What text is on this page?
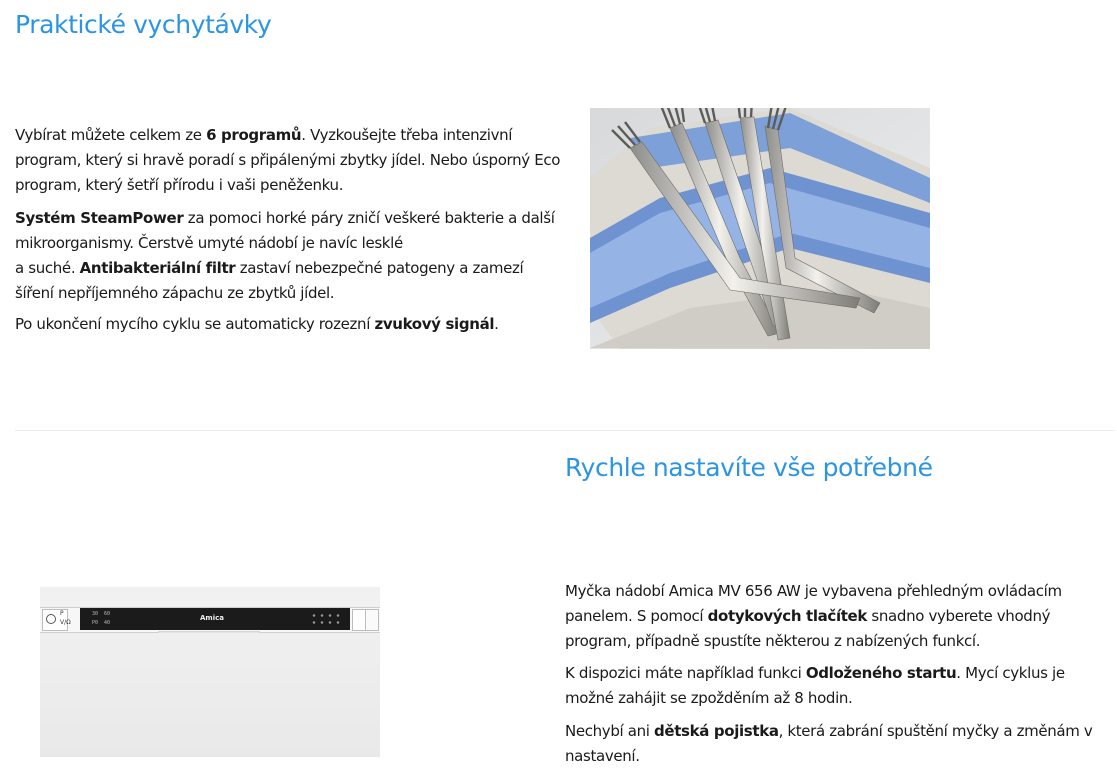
Praktické vychytávky

Vybírat můžete celkem ze 6 programů. Vyzkoušejte třeba intenzivní program, který si hravě poradí s připálenými zbytky jídel. Nebo úsporný Eco program, který šetří přírodu i vaši peněženku.

Systém SteamPower za pomoci horké páry zničí veškeré bakterie a další mikroorganismy. Čerstvě umyté nádobí je navíc lesklé
a suché. Antibakteriální filtr zastaví nebezpečné patogeny a zamezí šíření nepříjemného zápachu ze zbytků jídel.

Po ukončení mycího cyklu se automaticky rozezní zvukový signál.

Rychle nastavíte vše potřebné
P
V/Ω
Amica
30 60
P0 40

Myčka nádobí Amica MV 656 AW je vybavena přehledným ovládacím panelem. S pomocí dotykových tlačítek snadno vyberete vhodný program, případně spustíte některou z nabízených funkcí.

K dispozici máte například funkci Odloženého startu. Mycí cyklus je možné zahájit se zpožděním až 8 hodin.

Nechybí ani dětská pojistka, která zabrání spuštění myčky a změnám v nastavení.
